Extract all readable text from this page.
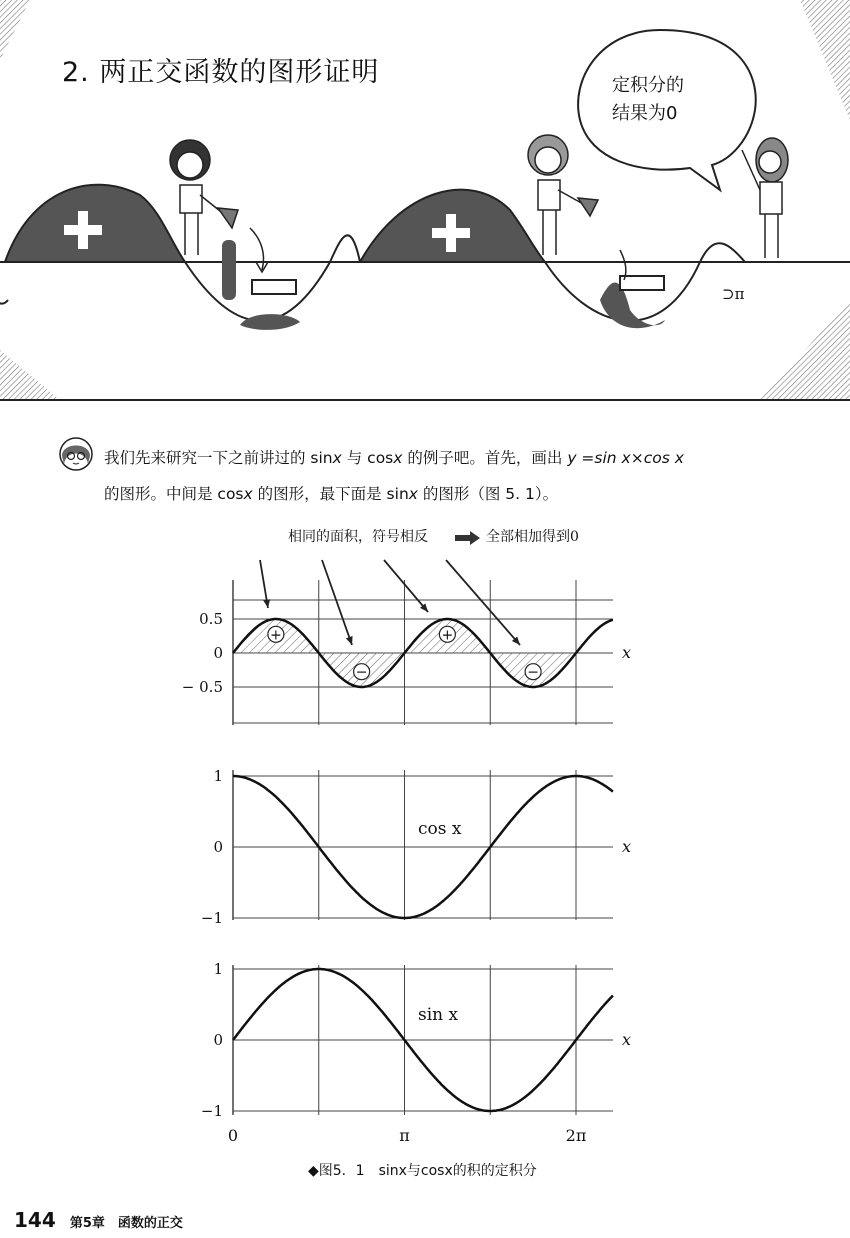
2. 两正交函数的图形证明	定积分的
结果为0
⊃π
我们先来研究一下之前讲过的 sinx 与 cosx 的例子吧。首先，画出 y =sin x×cos x
的图形。中间是 cosx 的图形，最下面是 sinx 的图形（图 5. 1）。
相同的面积，符号相反	全部相加得到0
0.5
0
− 0.5
x
+
−
+
−
1
0
−1
x
cos x
1
0
−1
x
sin x
0	π	2π
◆图5．1　sinx与cosx的积的定积分
144 第5章　函数的正交
